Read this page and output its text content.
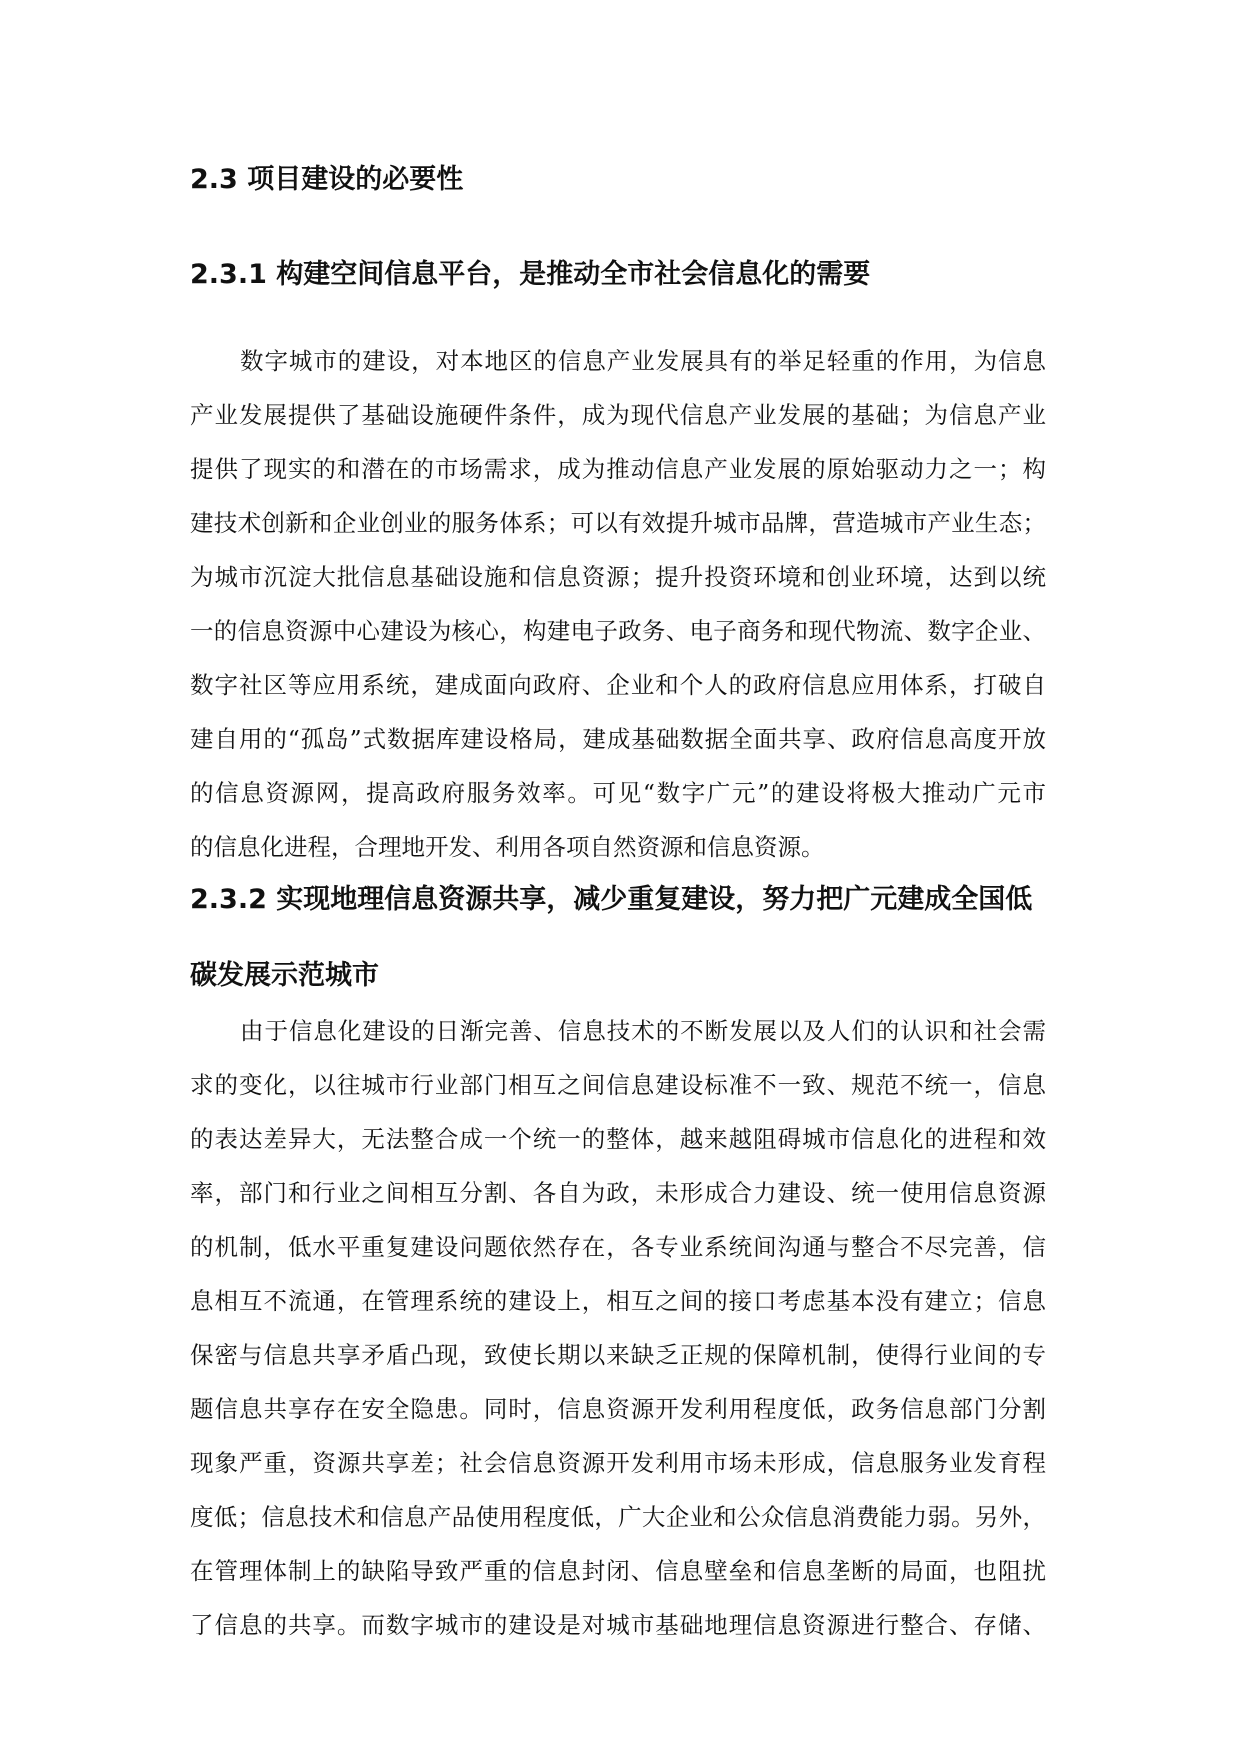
2.3 项目建设的必要性
2.3.1 构建空间信息平台，是推动全市社会信息化的需要
数字城市的建设，对本地区的信息产业发展具有的举足轻重的作用，为信息
产业发展提供了基础设施硬件条件，成为现代信息产业发展的基础；为信息产业
提供了现实的和潜在的市场需求，成为推动信息产业发展的原始驱动力之一；构
建技术创新和企业创业的服务体系；可以有效提升城市品牌，营造城市产业生态；
为城市沉淀大批信息基础设施和信息资源；提升投资环境和创业环境，达到以统
一的信息资源中心建设为核心，构建电子政务、电子商务和现代物流、数字企业、
数字社区等应用系统，建成面向政府、企业和个人的政府信息应用体系，打破自
建自用的“孤岛”式数据库建设格局，建成基础数据全面共享、政府信息高度开放
的信息资源网，提高政府服务效率。可见“数字广元”的建设将极大推动广元市
的信息化进程，合理地开发、利用各项自然资源和信息资源。
2.3.2 实现地理信息资源共享，减少重复建设，努力把广元建成全国低碳发展示范城市
由于信息化建设的日渐完善、信息技术的不断发展以及人们的认识和社会需
求的变化，以往城市行业部门相互之间信息建设标准不一致、规范不统一，信息
的表达差异大，无法整合成一个统一的整体，越来越阻碍城市信息化的进程和效
率，部门和行业之间相互分割、各自为政，未形成合力建设、统一使用信息资源
的机制，低水平重复建设问题依然存在，各专业系统间沟通与整合不尽完善，信
息相互不流通，在管理系统的建设上，相互之间的接口考虑基本没有建立；信息
保密与信息共享矛盾凸现，致使长期以来缺乏正规的保障机制，使得行业间的专
题信息共享存在安全隐患。同时，信息资源开发利用程度低，政务信息部门分割
现象严重，资源共享差；社会信息资源开发利用市场未形成，信息服务业发育程
度低；信息技术和信息产品使用程度低，广大企业和公众信息消费能力弱。另外，
在管理体制上的缺陷导致严重的信息封闭、信息壁垒和信息垄断的局面，也阻扰
了信息的共享。而数字城市的建设是对城市基础地理信息资源进行整合、存储、
